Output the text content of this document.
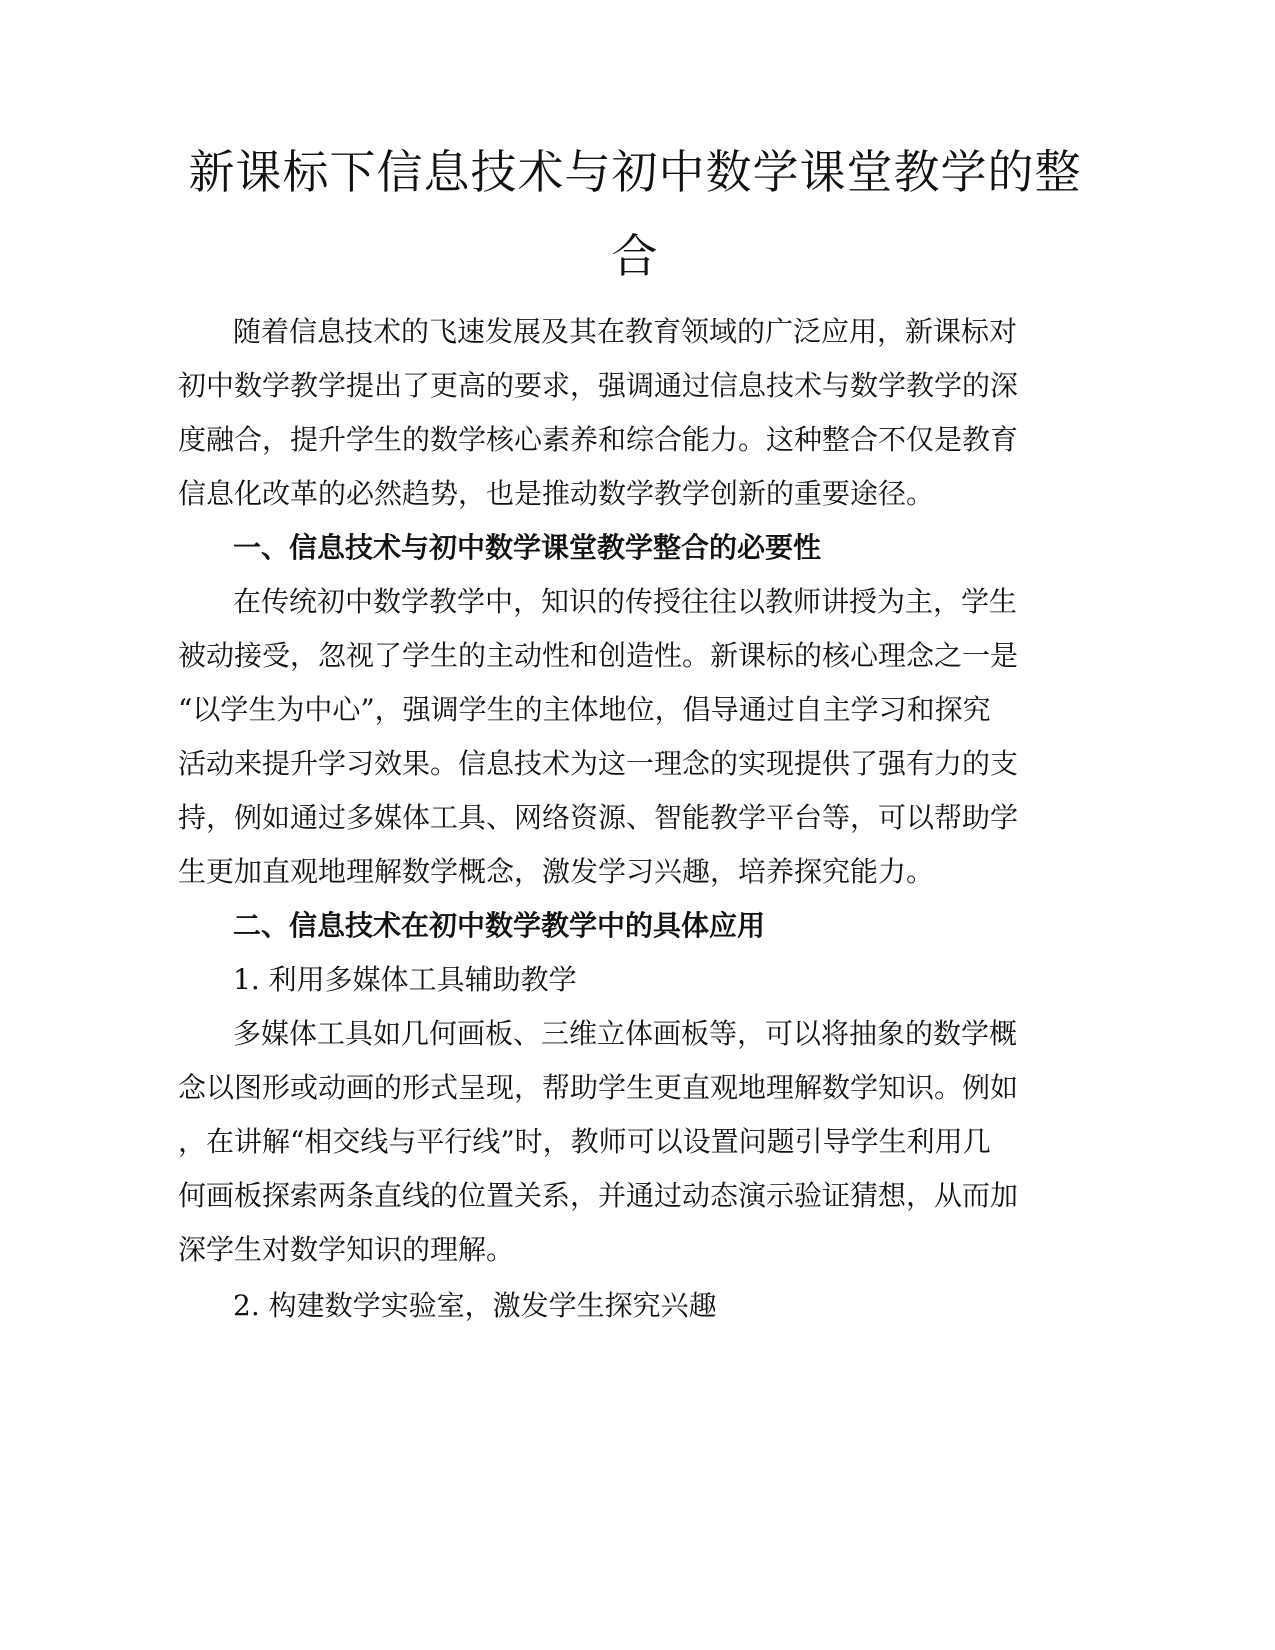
新课标下信息技术与初中数学课堂教学的整
合
随着信息技术的飞速发展及其在教育领域的广泛应用，新课标对
初中数学教学提出了更高的要求，强调通过信息技术与数学教学的深
度融合，提升学生的数学核心素养和综合能力。这种整合不仅是教育
信息化改革的必然趋势，也是推动数学教学创新的重要途径。
一、信息技术与初中数学课堂教学整合的必要性
在传统初中数学教学中，知识的传授往往以教师讲授为主，学生
被动接受，忽视了学生的主动性和创造性。新课标的核心理念之一是
“以学生为中心”，强调学生的主体地位，倡导通过自主学习和探究
活动来提升学习效果。信息技术为这一理念的实现提供了强有力的支
持，例如通过多媒体工具、网络资源、智能教学平台等，可以帮助学
生更加直观地理解数学概念，激发学习兴趣，培养探究能力。
二、信息技术在初中数学教学中的具体应用
1. 利用多媒体工具辅助教学
多媒体工具如几何画板、三维立体画板等，可以将抽象的数学概
念以图形或动画的形式呈现，帮助学生更直观地理解数学知识。例如
，在讲解“相交线与平行线”时，教师可以设置问题引导学生利用几
何画板探索两条直线的位置关系，并通过动态演示验证猜想，从而加
深学生对数学知识的理解。
2. 构建数学实验室，激发学生探究兴趣
